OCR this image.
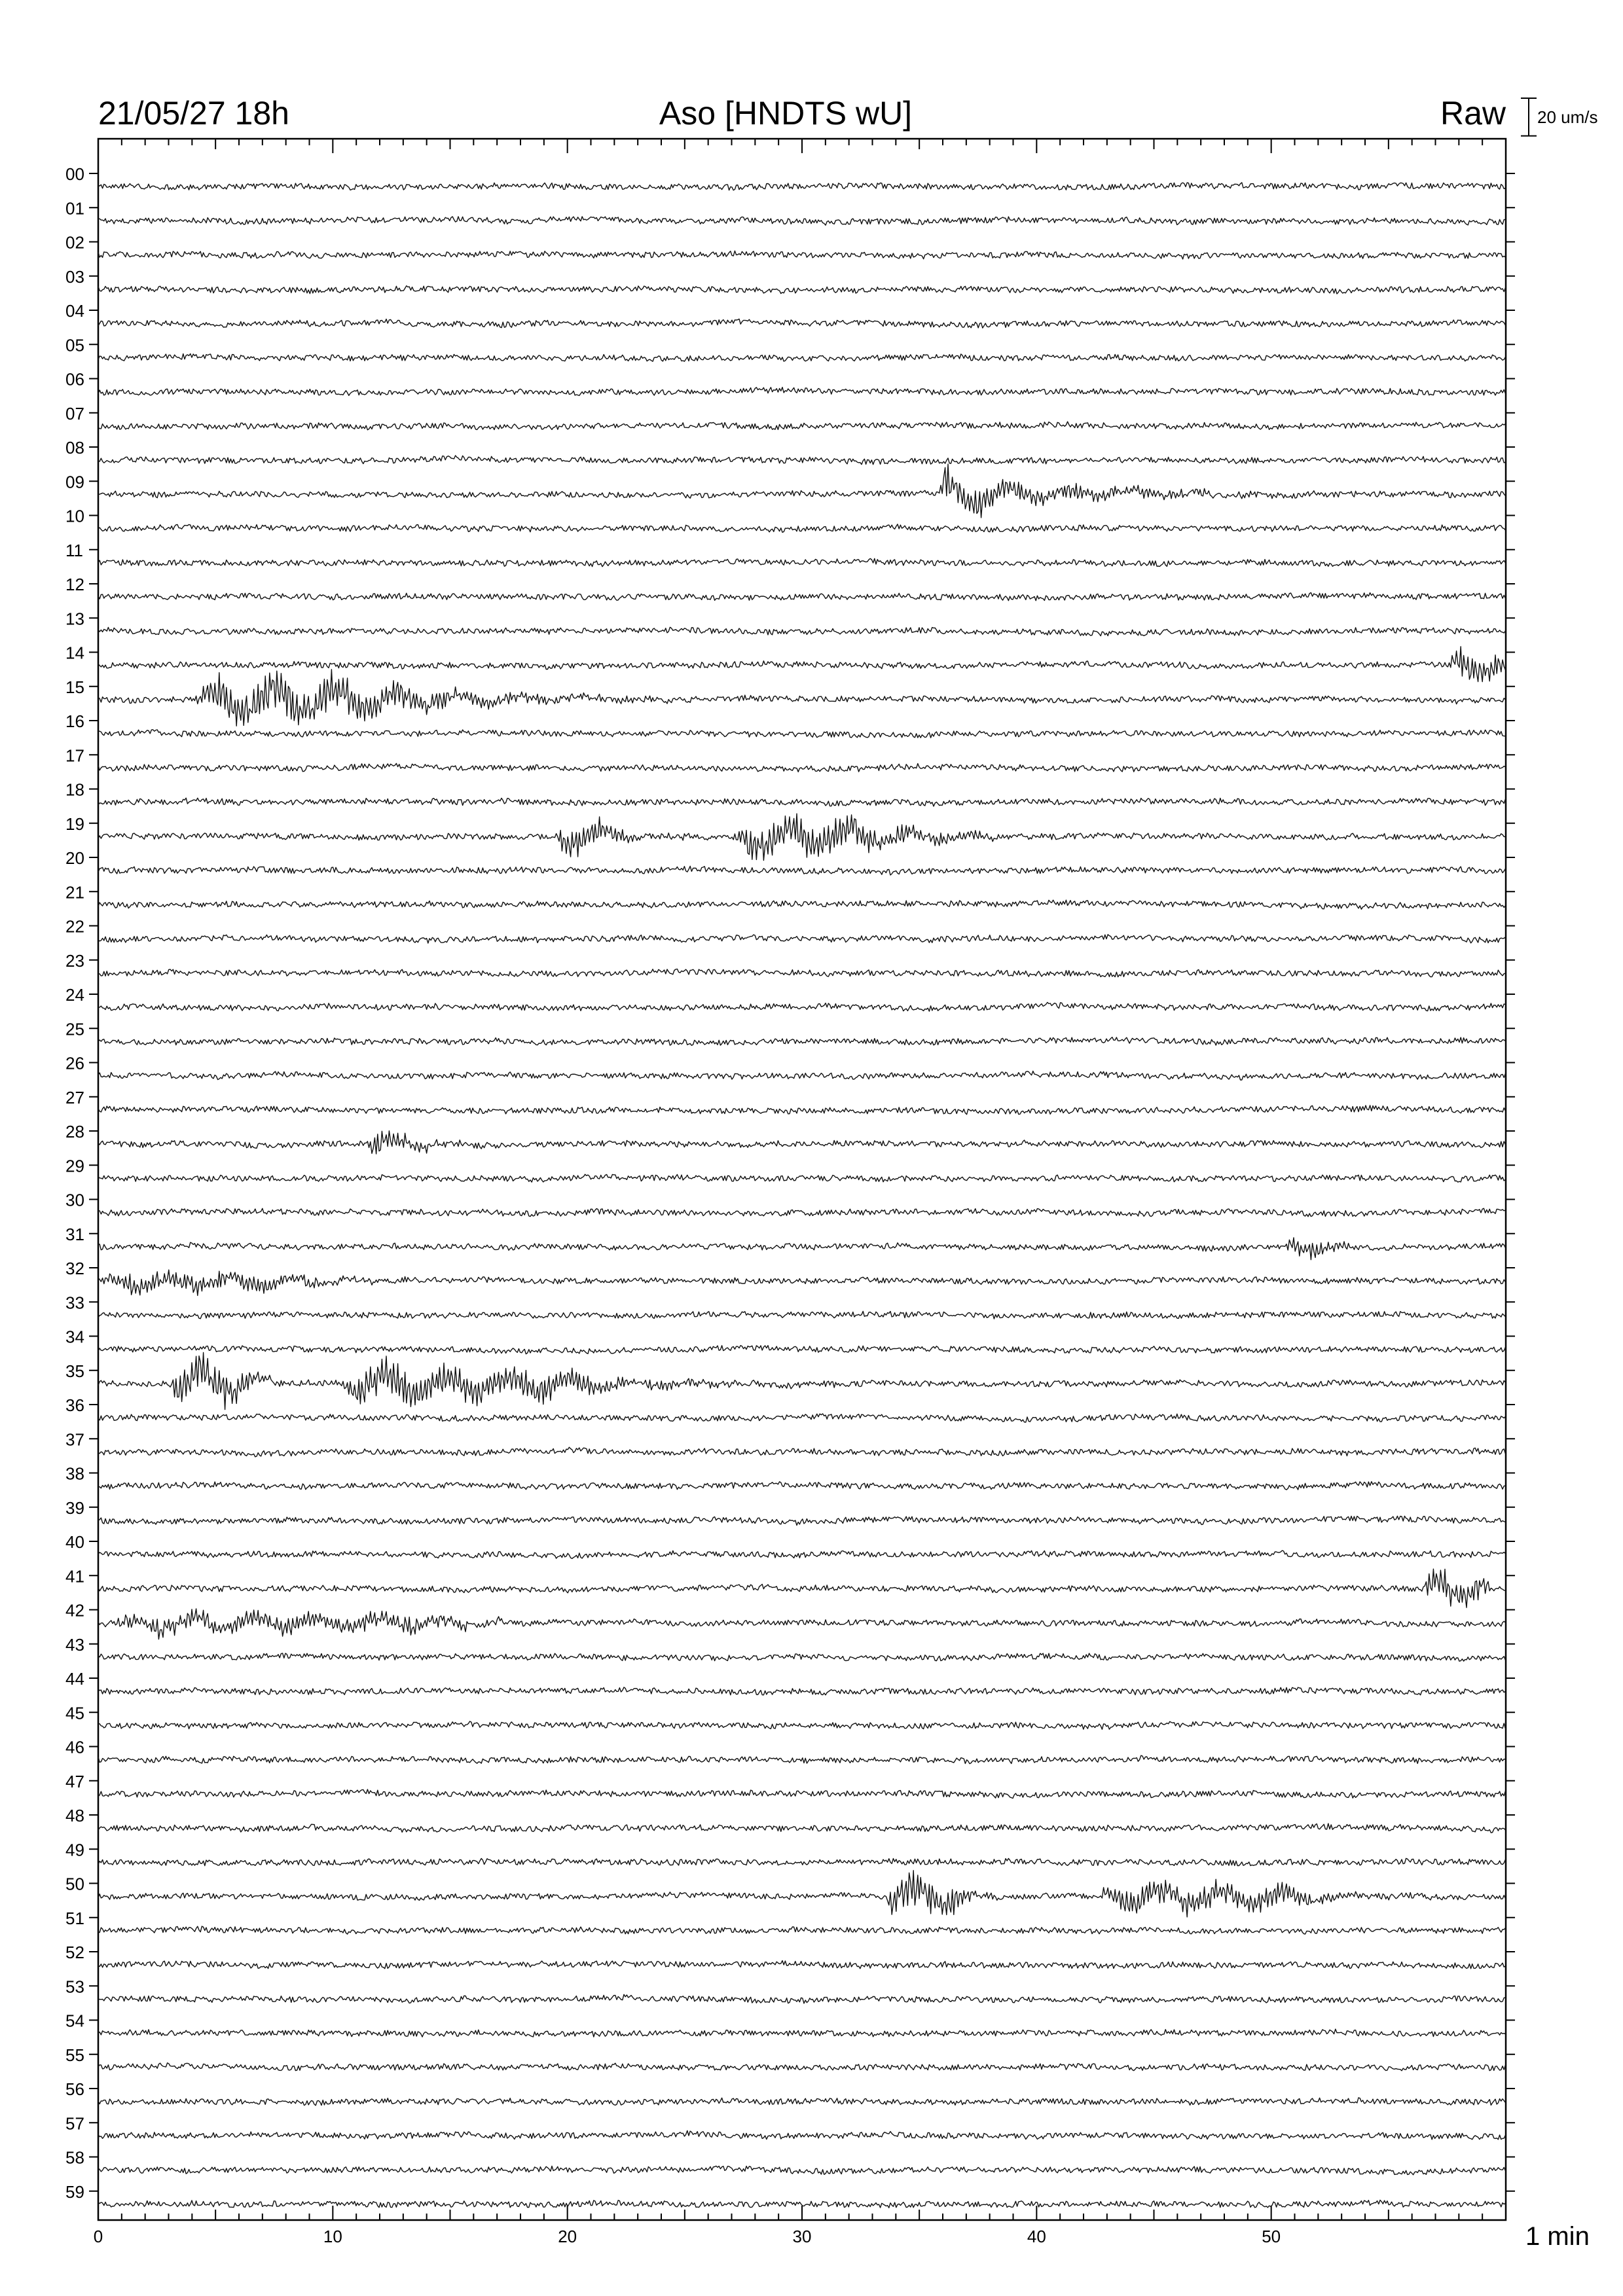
21/05/27 18h	Aso [HNDTS wU]	Raw 20 um/s
1 min
00
01
02
03
04
05
06
07
08
09
10
11
12
13
14
15
16
17
18
19
20
21
22
23
24
25
26
27
28
29
30
31
32
33
34
35
36
37
38
39
40
41
42
43
44
45
46
47
48
49
50
51
52
53
54
55
56
57
58
59
0	10	20	30	40	50
